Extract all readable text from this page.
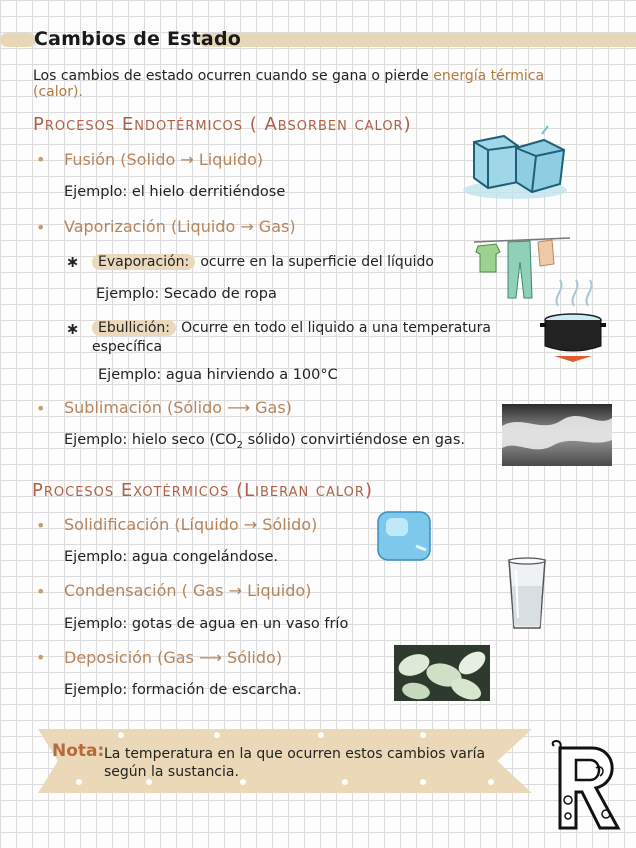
Cambios de Estado
Los cambios de estado ocurren cuando se gana o pierde energía térmica (calor).
Procesos Endotérmicos ( Absorben calor)
• Fusión (Solido → Liquido)
Ejemplo: el hielo derritiéndose
• Vaporización (Liquido → Gas)
∗	Evaporación: ocurre en la superficie del líquido
Ejemplo: Secado de ropa
∗	Ebullición: Ocurre en todo el liquido a una temperatura específica
Ejemplo: agua hirviendo a 100°C
• Sublimación (Sólido ⟶ Gas)
Ejemplo: hielo seco ($CO_2$ sólido) convirtiéndose en gas.
Procesos Exotérmicos (Liberan calor)
• Solidificación (Líquido → Sólido)
Ejemplo: agua congelándose.
• Condensación ( Gas → Liquido)
Ejemplo: gotas de agua en un vaso frío
• Deposición (Gas ⟶ Sólido)
Ejemplo: formación de escarcha.
Nota: La temperatura en la que ocurren estos cambios varía según la sustancia.
